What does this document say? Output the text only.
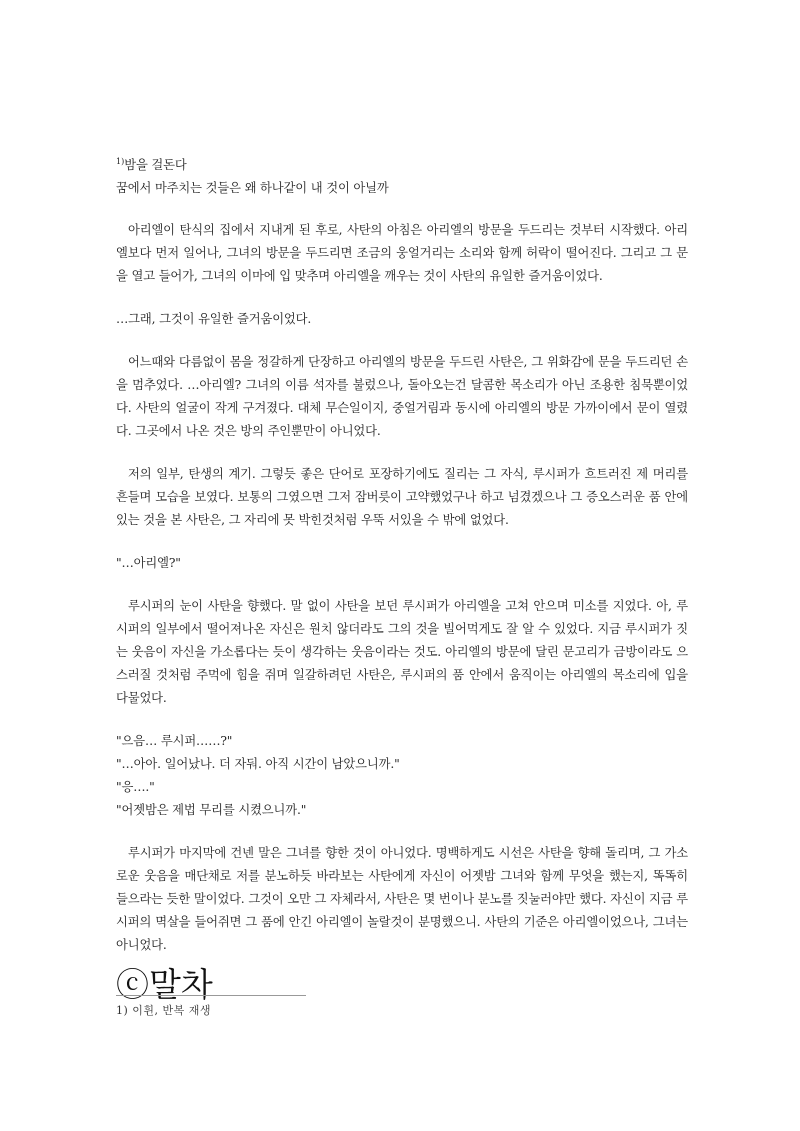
$^{1)}$밤을 걸돈다
꿈에서 마주치는 것들은 왜 하나같이 내 것이 아닐까

아리엘이 탄식의 집에서 지내게 된 후로, 사탄의 아침은 아리엘의 방문을 두드리는 것부터 시작했다. 아리엘보다 먼저 일어나, 그녀의 방문을 두드리면 조금의 웅얼거리는 소리와 함께 허락이 떨어진다. 그리고 그 문을 열고 들어가, 그녀의 이마에 입 맞추며 아리엘을 깨우는 것이 사탄의 유일한 즐거움이었다.

…그래, 그것이 유일한 즐거움이었다.

어느때와 다름없이 몸을 정갈하게 단장하고 아리엘의 방문을 두드린 사탄은, 그 위화감에 문을 두드리던 손을 멈추었다. …아리엘? 그녀의 이름 석자를 불렀으나, 돌아오는건 달콤한 목소리가 아닌 조용한 침묵뿐이었다. 사탄의 얼굴이 작게 구겨졌다. 대체 무슨일이지, 중얼거림과 동시에 아리엘의 방문 가까이에서 문이 열렸다. 그곳에서 나온 것은 방의 주인뿐만이 아니었다.

저의 일부, 탄생의 계기. 그렇듯 좋은 단어로 포장하기에도 질리는 그 자식, 루시퍼가 흐트러진 제 머리를 흔들며 모습을 보였다. 보통의 그였으면 그저 잠버릇이 고약했었구나 하고 넘겼겠으나 그 증오스러운 품 안에 있는 것을 본 사탄은, 그 자리에 못 박힌것처럼 우뚝 서있을 수 밖에 없었다.

"…아리엘?"

루시퍼의 눈이 사탄을 향했다. 말 없이 사탄을 보던 루시퍼가 아리엘을 고쳐 안으며 미소를 지었다. 아, 루시퍼의 일부에서 떨어져나온 자신은 원치 않더라도 그의 것을 빌어먹게도 잘 알 수 있었다. 지금 루시퍼가 짓는 웃음이 자신을 가소롭다는 듯이 생각하는 웃음이라는 것도. 아리엘의 방문에 달린 문고리가 금방이라도 으스러질 것처럼 주먹에 힘을 쥐며 일갈하려던 사탄은, 루시퍼의 품 안에서 움직이는 아리엘의 목소리에 입을 다물었다.

"으음… 루시퍼……?"
"…아아. 일어났나. 더 자둬. 아직 시간이 남았으니까."
"응…."
"어젯밤은 제법 무리를 시켰으니까."

루시퍼가 마지막에 건넨 말은 그녀를 향한 것이 아니었다. 명백하게도 시선은 사탄을 향해 돌리며, 그 가소로운 웃음을 매단채로 저를 분노하듯 바라보는 사탄에게 자신이 어젯밤 그녀와 함께 무엇을 했는지, 똑똑히 들으라는 듯한 말이었다. 그것이 오만 그 자체라서, 사탄은 몇 번이나 분노를 짓눌러야만 했다. 자신이 지금 루시퍼의 멱살을 들어쥐면 그 품에 안긴 아리엘이 놀랄것이 분명했으니. 사탄의 기준은 아리엘이었으나, 그녀는 아니었다.

ⓒ말차
1) 이휜, 반복 재생
